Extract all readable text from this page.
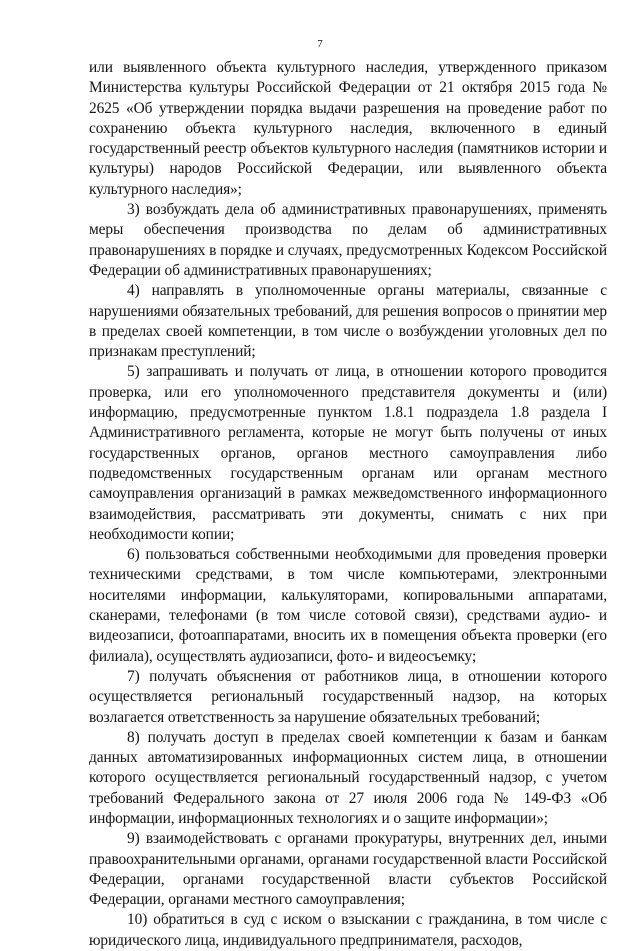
7

или выявленного объекта культурного наследия, утвержденного приказом Министерства культуры Российской Федерации от 21 октября 2015 года № 2625 «Об утверждении порядка выдачи разрешения на проведение работ по сохранению объекта культурного наследия, включенного в единый государственный реестр объектов культурного наследия (памятников истории и культуры) народов Российской Федерации, или выявленного объекта культурного наследия»;

3) возбуждать дела об административных правонарушениях, применять меры обеспечения производства по делам об административных правонарушениях в порядке и случаях, предусмотренных Кодексом Российской Федерации об административных правонарушениях;

4) направлять в уполномоченные органы материалы, связанные с нарушениями обязательных требований, для решения вопросов о принятии мер в пределах своей компетенции, в том числе о возбуждении уголовных дел по признакам преступлений;

5) запрашивать и получать от лица, в отношении которого проводится проверка, или его уполномоченного представителя документы и (или) информацию, предусмотренные пунктом 1.8.1 подраздела 1.8 раздела I Административного регламента, которые не могут быть получены от иных государственных органов, органов местного самоуправления либо подведомственных государственным органам или органам местного самоуправления организаций в рамках межведомственного информационного взаимодействия, рассматривать эти документы, снимать с них при необходимости копии;

6) пользоваться собственными необходимыми для проведения проверки техническими средствами, в том числе компьютерами, электронными носителями информации, калькуляторами, копировальными аппаратами, сканерами, телефонами (в том числе сотовой связи), средствами аудио- и видеозаписи, фотоаппаратами, вносить их в помещения объекта проверки (его филиала), осуществлять аудиозаписи, фото- и видеосъемку;

7) получать объяснения от работников лица, в отношении которого осуществляется региональный государственный надзор, на которых возлагается ответственность за нарушение обязательных требований;

8) получать доступ в пределах своей компетенции к базам и банкам данных автоматизированных информационных систем лица, в отношении которого осуществляется региональный государственный надзор, с учетом требований Федерального закона от 27 июля 2006 года № 149-ФЗ «Об информации, информационных технологиях и о защите информации»;

9) взаимодействовать с органами прокуратуры, внутренних дел, иными правоохранительными органами, органами государственной власти Российской Федерации, органами государственной власти субъектов Российской Федерации, органами местного самоуправления;

10) обратиться в суд с иском о взыскании с гражданина, в том числе с юридического лица, индивидуального предпринимателя, расходов,
